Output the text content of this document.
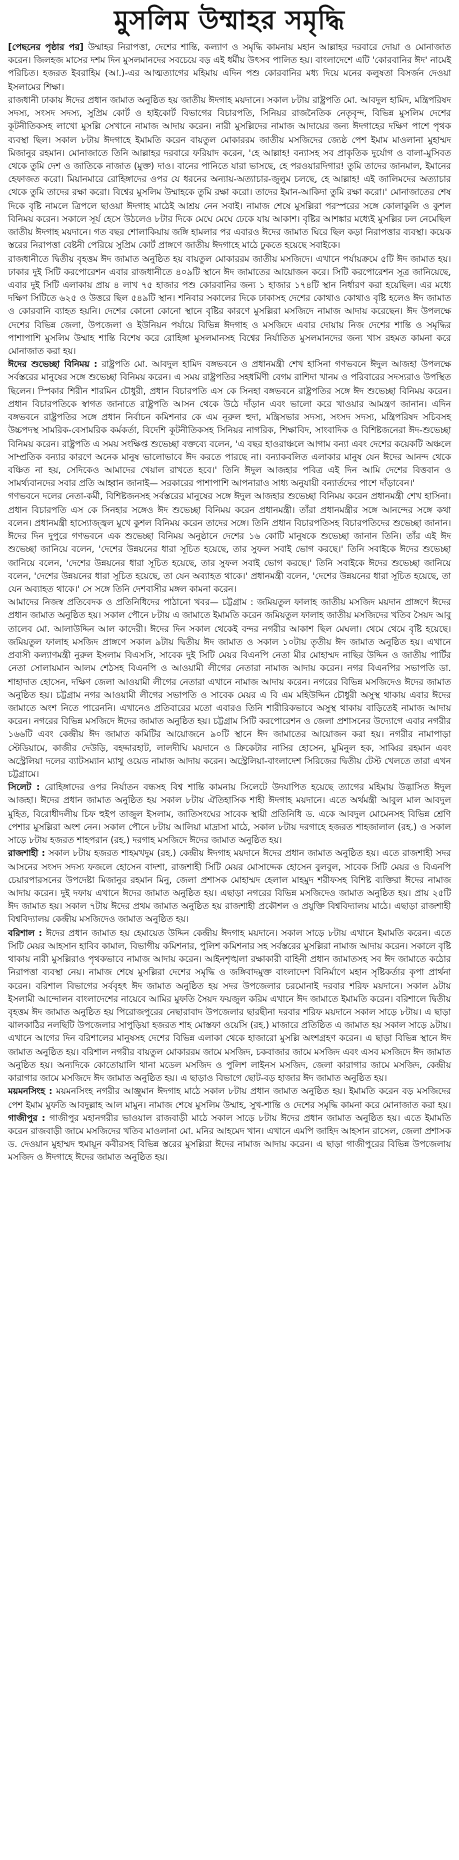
মুসলিম উম্মাহর সমৃদ্ধি

[পেছনের পৃষ্ঠার পর] উম্মাহর নিরাপত্তা, দেশের শান্তি, কল্যাণ ও সমৃদ্ধি কামনায় মহান আল্লাহর দরবারে দোয়া ও মোনাজাত করেন। জিলহজ মাসের দশম দিন মুসলমানদের সবচেয়ে বড় এই ধর্মীয় উৎসব পালিত হয়। বাংলাদেশে এটি 'কোরবানির ঈদ' নামেই পরিচিত। হজরত ইবরাহিম (আ.)-এর আত্মত্যাগের মহিমায় এদিন পশু কোরবানির মধ্য দিয়ে মনের কলুষতা বিসর্জন দেওয়া ইসলামের শিক্ষা।

রাজধানী ঢাকায় ঈদের প্রধান জামাত অনুষ্ঠিত হয় জাতীয় ঈদগাহ ময়দানে। সকাল ৮টায় রাষ্ট্রপতি মো. আবদুল হামিদ, মন্ত্রিপরিষদ সদস্য, সংসদ সদস্য, সুপ্রিম কোর্ট ও হাইকোর্ট বিভাগের বিচারপতি, সিনিয়র রাজনৈতিক নেতৃবৃন্দ, বিভিন্ন মুসলিম দেশের কূটনীতিকসহ লাখো মুসল্লি সেখানে নামাজ আদায় করেন। নারী মুসল্লিদের নামাজ আদায়ের জন্য ঈদগাহের দক্ষিণ পাশে পৃথক ব্যবস্থা ছিল। সকাল ৮টায় ঈদগাহে ইমামতি করেন বায়তুল মোকাররম জাতীয় মসজিদের জ্যেষ্ঠ পেশ ইমাম মাওলানা মুহাম্মদ মিজানুর রহমান। মোনাজাতে তিনি আল্লাহর দরবারে ফরিয়াদ করেন, 'হে আল্লাহ! বন্যাসহ সব প্রাকৃতিক দুর্যোগ ও বালা-মুসিবত থেকে তুমি দেশ ও জাতিকে নাজাত (মুক্ত) দাও। বানের পানিতে যারা ভাসছে, হে পরওয়ারদিগার! তুমি তাদের জানমাল, ইমানের হেফাজত করো। মিয়ানমারে রোহিঙ্গাদের ওপর যে ধরনের অন্যায়-অত্যাচার-জুলুম চলছে, হে আল্লাহ! এই জালিমদের অত্যাচার থেকে তুমি তাদের রক্ষা করো। বিশ্বের মুসলিম উম্মাহকে তুমি রক্ষা করো। তাদের ইমান-আকিদা তুমি রক্ষা করো।' মোনাজাতের শেষ দিকে বৃষ্টি নামলে ত্রিপলে ছাওয়া ঈদগাহ মাঠেই আশ্রয় নেন সবাই। নামাজ শেষে মুসল্লিরা পরস্পরের সঙ্গে কোলাকুলি ও কুশল বিনিময় করেন। সকালে সূর্য হেসে উঠলেও ৮টার দিকে মেঘে মেঘে ঢেকে যায় আকাশ। বৃষ্টির আশঙ্কার মধ্যেই মুসল্লির ঢল নেমেছিল জাতীয় ঈদগাহ ময়দানে। গত বছর শোলাকিয়ায় জঙ্গি হামলার পর এবারও ঈদের জামাত ঘিরে ছিল কড়া নিরাপত্তার ব্যবস্থা। কয়েক স্তরের নিরাপত্তা বেষ্টনী পেরিয়ে সুপ্রিম কোর্ট প্রাঙ্গণে জাতীয় ঈদগাহে মাঠে ঢুকতে হয়েছে সবাইকে।

রাজধানীতে দ্বিতীয় বৃহত্তম ঈদ জামাত অনুষ্ঠিত হয় বায়তুল মোকাররম জাতীয় মসজিদে। এখানে পর্যায়ক্রমে ৫টি ঈদ জামাত হয়। ঢাকার দুই সিটি করপোরেশন এবার রাজধানীতে ৪০৯টি স্থানে ঈদ জামাতের আয়োজন করে। সিটি করপোরেশন সূত্র জানিয়েছে, এবার দুই সিটি এলাকায় প্রায় ৪ লাখ ৭৫ হাজার পশু কোরবানির জন্য ১ হাজার ১৭৪টি স্থান নির্ধারণ করা হয়েছিল। এর মধ্যে দক্ষিণ সিটিতে ৬২৫ ও উত্তরে ছিল ৫৪৯টি স্থান। শনিবার সকালের দিকে ঢাকাসহ দেশের কোথাও কোথাও বৃষ্টি হলেও ঈদ জামাত ও কোরবানি ব্যাহত হয়নি। দেশের কোনো কোনো স্থানে বৃষ্টির কারণে মুসল্লিরা মসজিদে নামাজ আদায় করেছেন। ঈদ উপলক্ষে দেশের বিভিন্ন জেলা, উপজেলা ও ইউনিয়ন পর্যায়ে বিভিন্ন ঈদগাহ ও মসজিদে এবার দোয়ায় নিজ দেশের শান্তি ও সমৃদ্ধির পাশাপাশি মুসলিম উম্মাহ শান্তি বিশেষ করে রোহিঙ্গা মুসলমানসহ বিশ্বের নির্যাতিত মুসলমানদের জন্য খাস রহমত কামনা করে মোনাজাত করা হয়।

ঈদের শুভেচ্ছা বিনিময় : রাষ্ট্রপতি মো. আবদুল হামিদ বঙ্গভবনে ও প্রধানমন্ত্রী শেখ হাসিনা গণভবনে ঈদুল আজহা উপলক্ষে সর্বস্তরের মানুষের সঙ্গে শুভেচ্ছা বিনিময় করেন। এ সময় রাষ্ট্রপতির সহধর্মিণী বেগম রাশিদা খানম ও পরিবারের সদস্যরাও উপস্থিত ছিলেন। স্পিকার শিরীন শারমিন চৌধুরী, প্রধান বিচারপতি এস কে সিনহা বঙ্গভবনে রাষ্ট্রপতির সঙ্গে ঈদ শুভেচ্ছা বিনিময় করেন। প্রধান বিচারপতিকে স্বাগত জানাতে রাষ্ট্রপতি আসন থেকে উঠে দাঁড়ান এবং ভালো করে খাওয়ার আমন্ত্রণ জানান। এদিন বঙ্গভবনে রাষ্ট্রপতির সঙ্গে প্রধান নির্বাচন কমিশনার কে এম নূরুল হুদা, মন্ত্রিসভার সদস্য, সংসদ সদস্য, মন্ত্রিপরিষদ সচিবসহ উচ্চপদস্থ সামরিক-বেসামরিক কর্মকর্তা, বিদেশি কূটনীতিকসহ সিনিয়র নাগরিক, শিক্ষাবিদ, সাংবাদিক ও বিশিষ্টজনেরা ঈদ-শুভেচ্ছা বিনিময় করেন। রাষ্ট্রপতি এ সময় সংক্ষিপ্ত শুভেচ্ছা বক্তব্যে বলেন, 'এ বছর হাওরাঞ্চলে আগাম বন্যা এবং দেশের কয়েকটি অঞ্চলে সাম্প্রতিক বন্যার কারণে অনেক মানুষ ভালোভাবে ঈদ করতে পারছে না। বন্যাকবলিত এলাকার মানুষ যেন ঈদের আনন্দ থেকে বঞ্চিত না হয়, সেদিকেও আমাদের খেয়াল রাখতে হবে।' তিনি ঈদুল আজহার পবিত্র এই দিন আমি দেশের বিত্তবান ও সামর্থ্যবানদের সবার প্রতি আহ্বান জানাই— সরকারের পাশাপাশি আপনারাও সাধ্য অনুযায়ী বন্যার্তদের পাশে দাঁড়াবেন।'

গণভবনে দলের নেতা-কর্মী, বিশিষ্টজনসহ সর্বস্তরের মানুষের সঙ্গে ঈদুল আজহার শুভেচ্ছা বিনিময় করেন প্রধানমন্ত্রী শেখ হাসিনা। প্রধান বিচারপতি এস কে সিনহার সঙ্গেও ঈদ শুভেচ্ছা বিনিময় করেন প্রধানমন্ত্রী। তাঁরা প্রধানমন্ত্রীর সঙ্গে আনন্দের সঙ্গে কথা বলেন। প্রধানমন্ত্রী হাস্যোজ্জ্বল মুখে কুশল বিনিময় করেন তাদের সঙ্গে। তিনি প্রধান বিচারপতিসহ বিচারপতিদের শুভেচ্ছা জানান। ঈদের দিন দুপুরে গণভবনে এক শুভেচ্ছা বিনিময় অনুষ্ঠানে দেশের ১৬ কোটি মানুষকে শুভেচ্ছা জানান তিনি। তাঁর এই ঈদ শুভেচ্ছা জানিয়ে বলেন, 'দেশের উন্নয়নের ধারা সূচিত হয়েছে, তার সুফল সবাই ভোগ করছে।' তিনি সবাইকে ঈদের শুভেচ্ছা জানিয়ে বলেন, 'দেশের উন্নয়নের ধারা সূচিত হয়েছে, তার সুফল সবাই ভোগ করছে।' তিনি সবাইকে ঈদের শুভেচ্ছা জানিয়ে বলেন, 'দেশের উন্নয়নের ধারা সূচিত হয়েছে, তা যেন অব্যাহত থাকে।' প্রধানমন্ত্রী বলেন, 'দেশের উন্নয়নের ধারা সূচিত হয়েছে, তা যেন অব্যাহত থাকে।' সে সঙ্গে তিনি দেশবাসীর মঙ্গল কামনা করেন।

আমাদের নিজস্ব প্রতিবেদক ও প্রতিনিধিদের পাঠানো খবর— চট্টগ্রাম : জমিয়তুল ফালাহ জাতীয় মসজিদ ময়দান প্রাঙ্গণে ঈদের প্রধান জামাত অনুষ্ঠিত হয়। সকাল পৌনে ৮টায় এ জামাতে ইমামতি করেন জমিয়তুল ফালাহ জাতীয় মসজিদের খতিব সৈয়দ আবু তালেব মো. আলাউদ্দিন আল কাদেরী। ঈদের দিন সকাল থেকেই বন্দর নগরীর আকাশ ছিল মেঘলা। থেমে থেমে বৃষ্টি হয়েছে। জমিয়তুল ফালাহ মসজিদ প্রাঙ্গণে সকাল ৯টায় দ্বিতীয় ঈদ জামাত ও সকাল ১০টায় তৃতীয় ঈদ জামাত অনুষ্ঠিত হয়। এখানে প্রবাসী কল্যাণমন্ত্রী নুরুল ইসলাম বিএসসি, সাবেক দুই সিটি মেয়র বিএনপি নেতা মীর মোহাম্মদ নাছির উদ্দিন ও জাতীয় পার্টির নেতা সোলায়মান আলম শেঠসহ বিএনপি ও আওয়ামী লীগের নেতারা নামাজ আদায় করেন। নগর বিএনপির সভাপতি ডা. শাহাদাত হোসেন, দক্ষিণ জেলা আওয়ামী লীগের নেতারা এখানে নামাজ আদায় করেন। নগরের বিভিন্ন মসজিদেও ঈদের জামাত অনুষ্ঠিত হয়। চট্টগ্রাম নগর আওয়ামী লীগের সভাপতি ও সাবেক মেয়র এ বি এম মহিউদ্দিন চৌধুরী অসুস্থ থাকায় এবার ঈদের জামাতে অংশ নিতে পারেননি। এখানেও প্রতিবারের মতো এবারও তিনি শারীরিকভাবে অসুস্থ থাকায় বাড়িতেই নামাজ আদায় করেন। নগরের বিভিন্ন মসজিদে ঈদের জামাত অনুষ্ঠিত হয়। চট্টগ্রাম সিটি করপোরেশন ও জেলা প্রশাসনের উদ্যোগে এবার নগরীর ১৬৬টি এবং কেন্দ্রীয় ঈদ জামাত কমিটির আয়োজনে ৯০টি স্থানে ঈদ জামাতের আয়োজন করা হয়। নগরীর নামাপাড়া স্টেডিয়ামে, কাজীর দেউড়ি, বহদ্দারহাট, লালদীঘি ময়দানে ও ক্রিকেটার নাসির হোসেন, মুমিনুল হক, সাব্বির রহমান এবং অস্ট্রেলিয়া দলের ব্যাটসম্যান ম্যাথু ওয়েড নামাজ আদায় করেন। অস্ট্রেলিয়া-বাংলাদেশ সিরিজের দ্বিতীয় টেস্ট খেলতে তারা এখন চট্টগ্রামে।

সিলেট : রোহিঙ্গাদের ওপর নির্যাতন বন্ধসহ বিশ্ব শান্তি কামনায় সিলেটে উদযাপিত হয়েছে ত্যাগের মহিমায় উদ্ভাসিত ঈদুল আজহা। ঈদের প্রধান জামাত অনুষ্ঠিত হয় সকাল ৮টায় ঐতিহাসিক শাহী ঈদগাহ ময়দানে। এতে অর্থমন্ত্রী আবুল মাল আবদুল মুহিত, বিরোধীদলীয় চিফ হুইপ তাজুল ইসলাম, জাতিসংঘের সাবেক স্থায়ী প্রতিনিধি ড. একে আবদুল মোমেনসহ বিভিন্ন শ্রেণি পেশার মুসল্লিরা অংশ নেন। সকাল পৌনে ৮টায় আলিয়া মাদ্রাসা মাঠে, সকাল ৮টায় দরগাহে হজরত শাহজালাল (রহ.) ও সকাল সাড়ে ৮টায় হজরত শাহপরান (রহ.) দরগাহ মসজিদে ঈদের জামাত অনুষ্ঠিত হয়।

রাজশাহী : সকাল ৮টায় হজরত শাহমখদুম (রহ.) কেন্দ্রীয় ঈদগাহ ময়দানে ঈদের প্রধান জামাত অনুষ্ঠিত হয়। এতে রাজশাহী সদর আসনের সংসদ সদস্য ফজলে হোসেন বাদশা, রাজশাহী সিটি মেয়র মোসাদ্দেক হোসেন বুলবুল, সাবেক সিটি মেয়র ও বিএনপি চেয়ারপারসনের উপদেষ্টা মিজানুর রহমান মিনু, জেলা প্রশাসক মোহাম্মদ হেলাল মাহমুদ শরীফসহ বিশিষ্ট ব্যক্তিরা ঈদের নামাজ আদায় করেন। দুই দফায় এখানে ঈদের জামাত অনুষ্ঠিত হয়। এছাড়া নগরের বিভিন্ন মসজিদেও জামাত অনুষ্ঠিত হয়। প্রায় ২৫টি ঈদ জামাত হয়। সকাল ৭টায় ঈদের প্রথম জামাত অনুষ্ঠিত হয় রাজশাহী প্রকৌশল ও প্রযুক্তি বিশ্ববিদ্যালয় মাঠে। এছাড়া রাজশাহী বিশ্ববিদ্যালয় কেন্দ্রীয় মসজিদেও জামাত অনুষ্ঠিত হয়।

বরিশাল : ঈদের প্রধান জামাত হয় হেমায়েত উদ্দিন কেন্দ্রীয় ঈদগাহ ময়দানে। সকাল সাড়ে ৮টায় এখানে ইমামতি করেন। এতে সিটি মেয়র আহসান হাবিব কামাল, বিভাগীয় কমিশনার, পুলিশ কমিশনার সহ সর্বস্তরের মুসল্লিরা নামাজ আদায় করেন। সকালে বৃষ্টি থাকায় নারী মুসল্লিরাও পৃথকভাবে নামাজ আদায় করেন। আইনশৃঙ্খলা রক্ষাকারী বাহিনী প্রধান জামাতসহ সব ঈদ জামাতে কঠোর নিরাপত্তা ব্যবস্থা নেয়। নামাজ শেষে মুসল্লিরা দেশের সমৃদ্ধি ও জঙ্গিবাদমুক্ত বাংলাদেশ বিনির্মাণে মহান সৃষ্টিকর্তার কৃপা প্রার্থনা করেন। বরিশাল বিভাগের সর্ববৃহৎ ঈদ জামাত অনুষ্ঠিত হয় সদর উপজেলার চরমোনাই দরবার শরিফ ময়দানে। সকাল ৯টায় ইসলামী আন্দোলন বাংলাদেশের নায়েবে আমির মুফতি সৈয়দ ফয়জুল করিম এখানে ঈদ জামাতে ইমামতি করেন। বরিশালে দ্বিতীয় বৃহত্তম ঈদ জামাত অনুষ্ঠিত হয় পিরোজপুরের নেছারাবাদ উপজেলার ছারছীনা দরবার শরিফ ময়দানে সকাল সাড়ে ৮টায়। এ ছাড়া ঝালকাঠির নলছিটি উপজেলার সাপুড়িয়া হজরত শাহ মোস্তফা ওয়েসি (রহ.) মাজারে প্রতিষ্ঠিত এ জামাত হয় সকাল সাড়ে ৯টায়। এখানে আগের দিন বরিশালের মানুষসহ দেশের বিভিন্ন এলাকা থেকে হাজারো মুসল্লি অংশগ্রহণ করেন। এ ছাড়া বিভিন্ন স্থানে ঈদ জামাত অনুষ্ঠিত হয়। বরিশাল নগরীর বায়তুল মোকাররম জামে মসজিদ, চকবাজার জামে মসজিদ এবং এসব মসজিদে ঈদ জামাত অনুষ্ঠিত হয়। অন্যদিকে কোতোয়ালি থানা মডেল মসজিদ ও পুলিশ লাইনস মসজিদ, জেলা কারাগার জামে মসজিদ, কেন্দ্রীয় কারাগার জামে মসজিদে ঈদ জামাত অনুষ্ঠিত হয়। এ ছাড়াও বিভাগে ছোট-বড় হাজার ঈদ জামাত অনুষ্ঠিত হয়।

ময়মনসিংহ : ময়মনসিংহ নগরীর আঞ্জুমান ঈদগাহ মাঠে সকাল ৮টায় প্রধান জামাত অনুষ্ঠিত হয়। ইমামতি করেন বড় মসজিদের পেশ ইমাম মুফতি আবদুল্লাহ আল মামুন। নামাজ শেষে মুসলিম উম্মাহ, সুখ-শান্তি ও দেশের সমৃদ্ধি কামনা করে মোনাজাত করা হয়। গাজীপুর : গাজীপুর মহানগরীর ভাওয়াল রাজবাড়ী মাঠে সকাল সাড়ে ৮টায় ঈদের প্রধান জামাত অনুষ্ঠিত হয়। এতে ইমামতি করেন রাজবাড়ী জামে মসজিদের খতিব মাওলানা মো. মনির আহমেদ খান। এখানে এমপি জাহিদ আহসান রাসেল, জেলা প্রশাসক ড. দেওয়ান মুহাম্মদ হুমায়ূন কবীরসহ বিভিন্ন স্তরের মুসল্লিরা ঈদের নামাজ আদায় করেন। এ ছাড়া গাজীপুরের বিভিন্ন উপজেলায় মসজিদ ও ঈদগাহে ঈদের জামাত অনুষ্ঠিত হয়।
